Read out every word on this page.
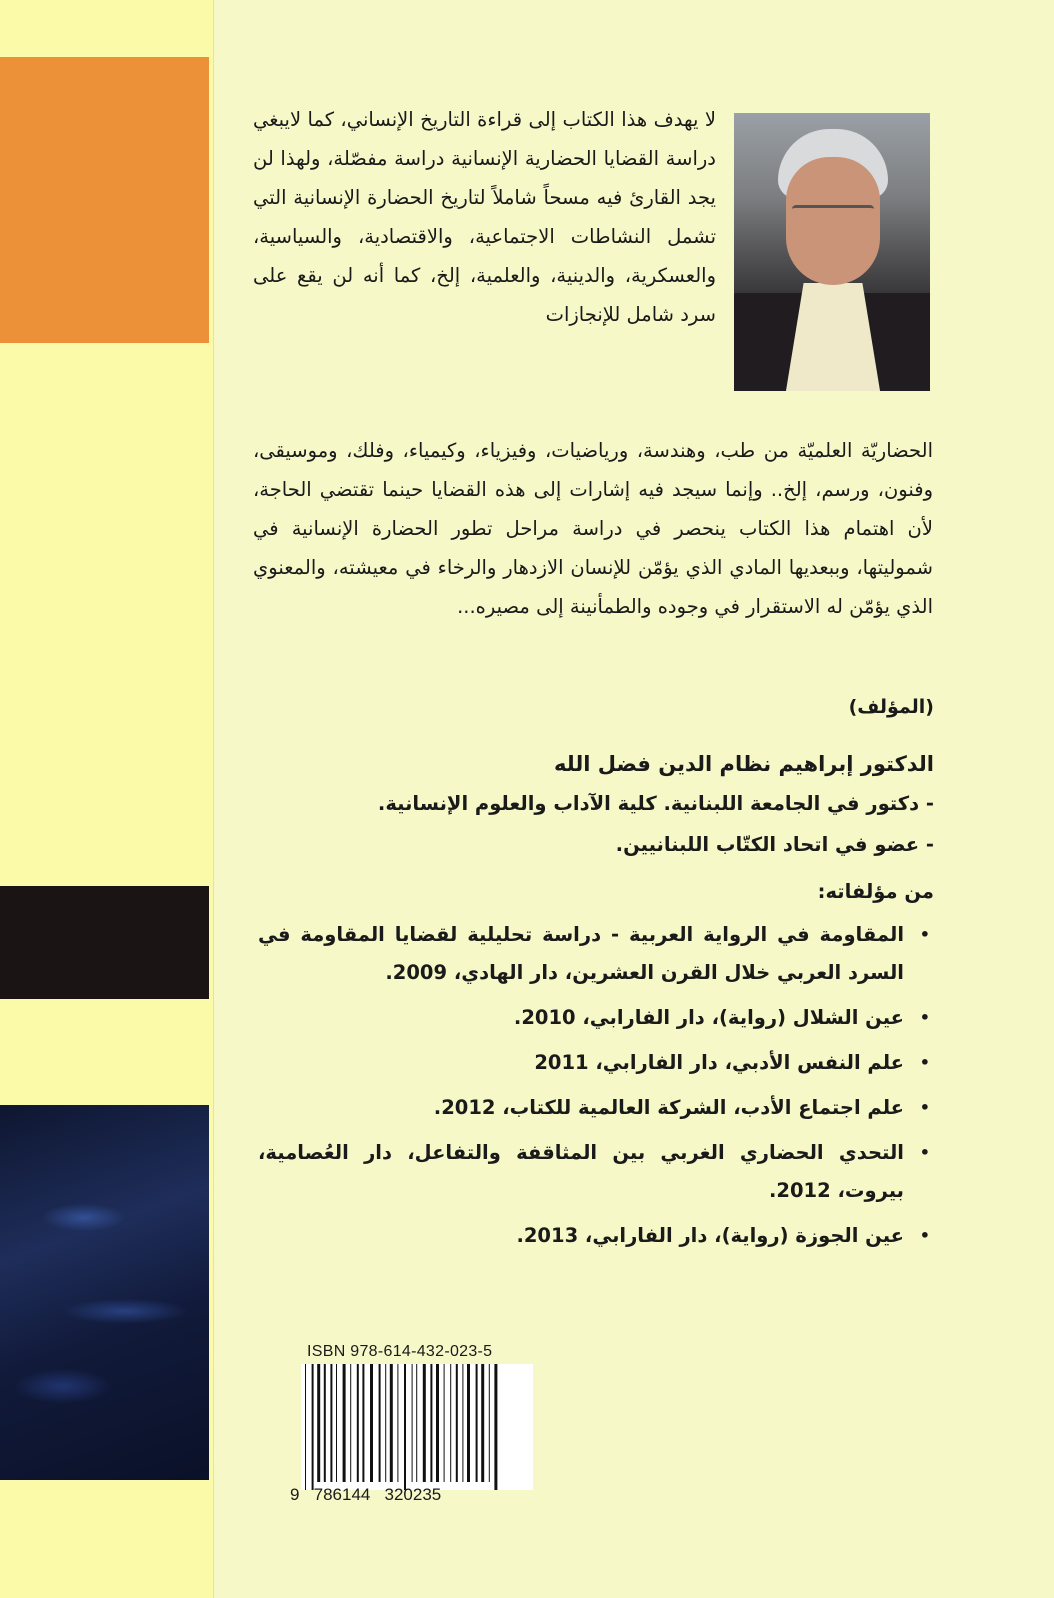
لا يهدف هذا الكتاب إلى قراءة التاريخ الإنساني، كما لايبغي دراسة القضايا الحضارية الإنسانية دراسة مفصّلة، ولهذا لن يجد القارئ فيه مسحاً شاملاً لتاريخ الحضارة الإنسانية التي تشمل النشاطات الاجتماعية، والاقتصادية، والسياسية، والعسكرية، والدينية، والعلمية، إلخ، كما أنه لن يقع على سرد شامل للإنجازات

الحضاريّة العلميّة من طب، وهندسة، ورياضيات، وفيزياء، وكيمياء، وفلك، وموسيقى، وفنون، ورسم، إلخ.. وإنما سيجد فيه إشارات إلى هذه القضايا حينما تقتضي الحاجة، لأن اهتمام هذا الكتاب ينحصر في دراسة مراحل تطور الحضارة الإنسانية في شموليتها، وببعديها المادي الذي يؤمّن للإنسان الازدهار والرخاء في معيشته، والمعنوي الذي يؤمّن له الاستقرار في وجوده والطمأنينة إلى مصيره...

(المؤلف)

الدكتور إبراهيم نظام الدين فضل الله

- دكتور في الجامعة اللبنانية. كلية الآداب والعلوم الإنسانية.

- عضو في اتحاد الكتّاب اللبنانيين.

من مؤلفاته:

•
المقاومة في الرواية العربية - دراسة تحليلية لقضايا المقاومة في السرد العربي خلال القرن العشرين، دار الهادي، 2009.
•
عين الشلال (رواية)، دار الفارابي، 2010.
•
علم النفس الأدبي، دار الفارابي، 2011
•
علم اجتماع الأدب، الشركة العالمية للكتاب، 2012.
•
التحدي الحضاري الغربي بين المثاقفة والتفاعل، دار العُصامية، بيروت، 2012.
•
عين الجوزة (رواية)، دار الفارابي، 2013.

ISBN 978-614-432-023-5

9   786144   320235
